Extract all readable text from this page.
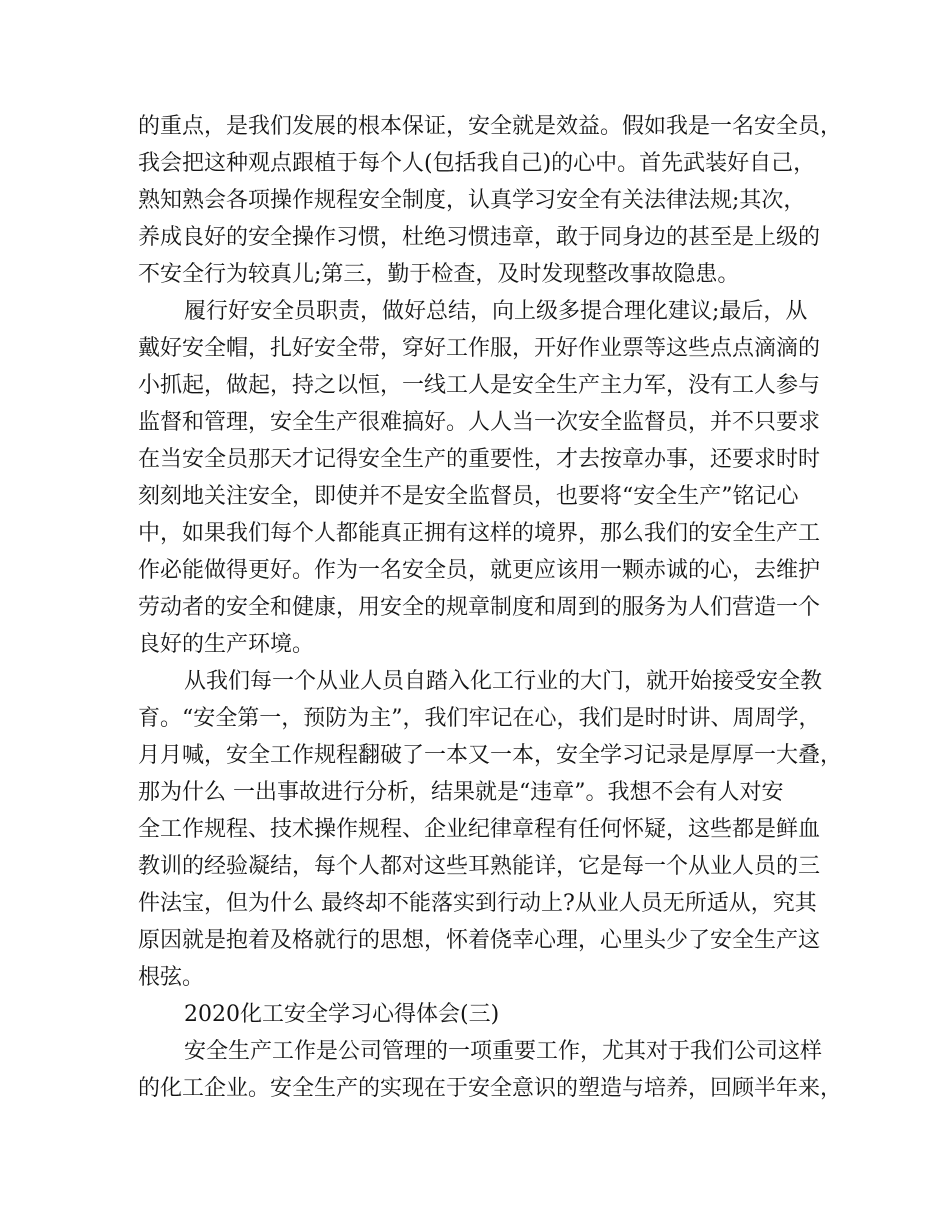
的重点，是我们发展的根本保证，安全就是效益。假如我是一名安全员，

我会把这种观点跟植于每个人(包括我自己)的心中。首先武装好自己，

熟知熟会各项操作规程安全制度，认真学习安全有关法律法规;其次，

养成良好的安全操作习惯，杜绝习惯违章，敢于同身边的甚至是上级的

不安全行为较真儿;第三，勤于检查，及时发现整改事故隐患。

履行好安全员职责，做好总结，向上级多提合理化建议;最后，从

戴好安全帽，扎好安全带，穿好工作服，开好作业票等这些点点滴滴的

小抓起，做起，持之以恒，一线工人是安全生产主力军，没有工人参与

监督和管理，安全生产很难搞好。人人当一次安全监督员，并不只要求

在当安全员那天才记得安全生产的重要性，才去按章办事，还要求时时

刻刻地关注安全，即使并不是安全监督员，也要将“安全生产”铭记心

中，如果我们每个人都能真正拥有这样的境界，那么我们的安全生产工

作必能做得更好。作为一名安全员，就更应该用一颗赤诚的心，去维护

劳动者的安全和健康，用安全的规章制度和周到的服务为人们营造一个

良好的生产环境。

从我们每一个从业人员自踏入化工行业的大门，就开始接受安全教

育。“安全第一，预防为主”，我们牢记在心，我们是时时讲、周周学，

月月喊，安全工作规程翻破了一本又一本，安全学习记录是厚厚一大叠，

那为什么 一出事故进行分析，结果就是“违章”。我想不会有人对安

全工作规程、技术操作规程、企业纪律章程有任何怀疑，这些都是鲜血

教训的经验凝结，每个人都对这些耳熟能详，它是每一个从业人员的三

件法宝，但为什么 最终却不能落实到行动上?从业人员无所适从，究其

原因就是抱着及格就行的思想，怀着侥幸心理，心里头少了安全生产这

根弦。

2020化工安全学习心得体会(三)

安全生产工作是公司管理的一项重要工作，尤其对于我们公司这样

的化工企业。安全生产的实现在于安全意识的塑造与培养，回顾半年来，
